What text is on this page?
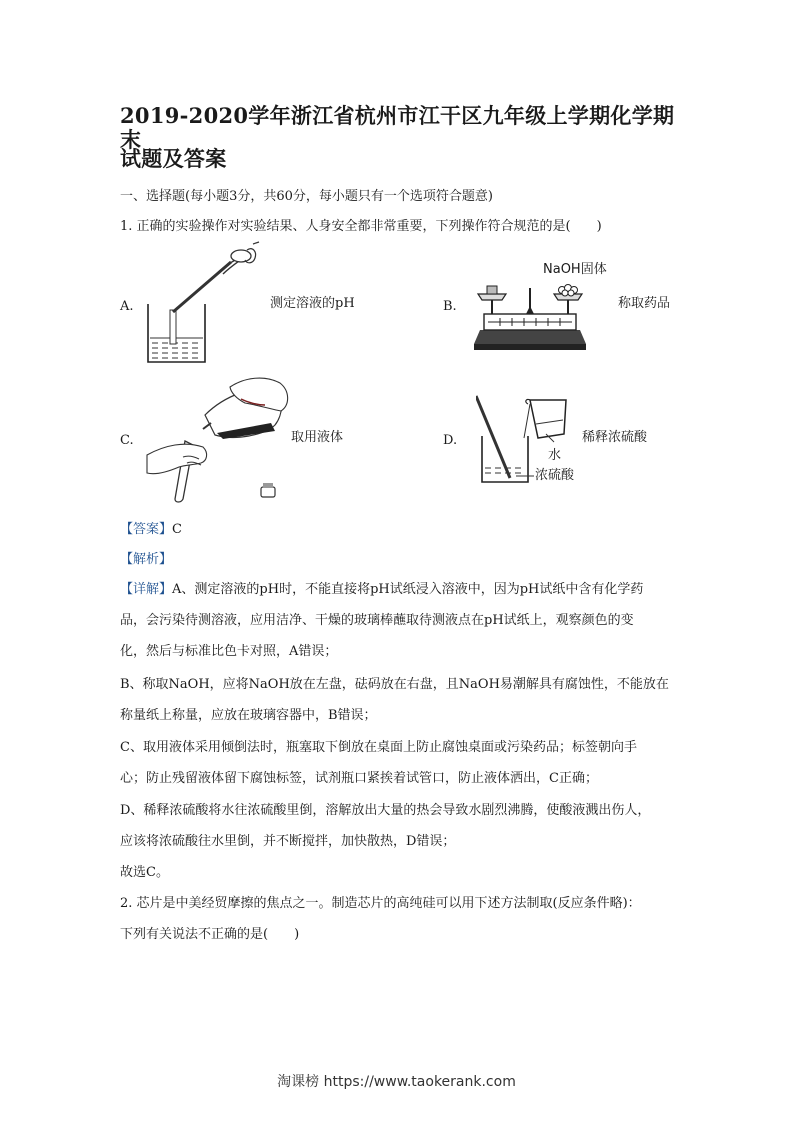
2019-2020学年浙江省杭州市江干区九年级上学期化学期末
试题及答案
一、选择题(每小题3分，共60分，每小题只有一个选项符合题意)
1. 正确的实验操作对实验结果、人身安全都非常重要，下列操作符合规范的是(　　)
A.	测定溶液的pH	B.
NaOH固体
称取药品
C.	取用液体	D.
水
浓硫酸
稀释浓硫酸
【答案】C
【解析】
【详解】A、测定溶液的pH时，不能直接将pH试纸浸入溶液中，因为pH试纸中含有化学药
品，会污染待测溶液，应用洁净、干燥的玻璃棒蘸取待测液点在pH试纸上，观察颜色的变
化，然后与标准比色卡对照，A错误；
B、称取NaOH，应将NaOH放在左盘，砝码放在右盘，且NaOH易潮解具有腐蚀性，不能放在
称量纸上称量，应放在玻璃容器中，B错误；
C、取用液体采用倾倒法时，瓶塞取下倒放在桌面上防止腐蚀桌面或污染药品；标签朝向手
心；防止残留液体留下腐蚀标签，试剂瓶口紧挨着试管口，防止液体洒出，C正确；
D、稀释浓硫酸将水往浓硫酸里倒，溶解放出大量的热会导致水剧烈沸腾，使酸液溅出伤人，
应该将浓硫酸往水里倒，并不断搅拌，加快散热，D错误；
故选C。
2. 芯片是中美经贸摩擦的焦点之一。制造芯片的高纯硅可以用下述方法制取(反应条件略)：
下列有关说法不正确的是(　　)
淘课榜 https://www.taokerank.com
